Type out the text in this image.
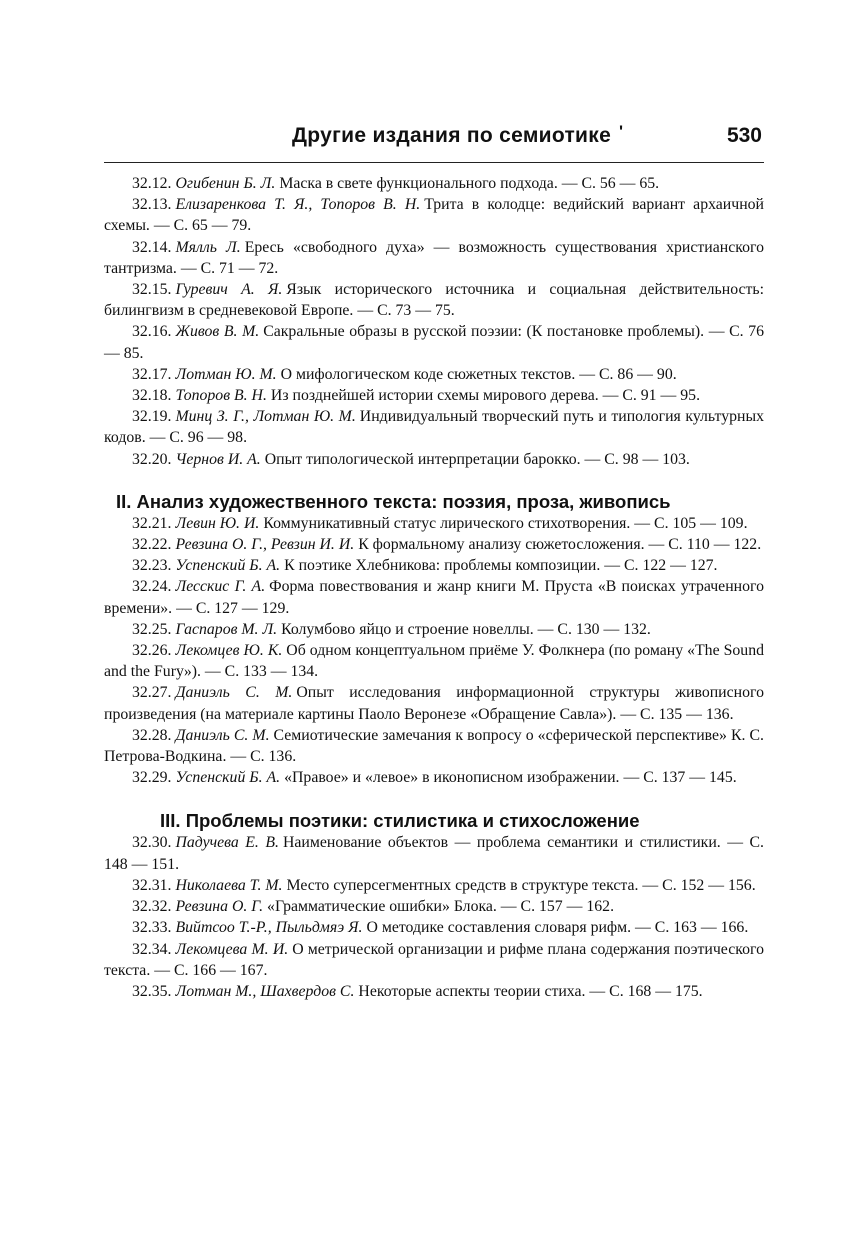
Другие издания по семиотике '	530

32.12. Огибенин Б. Л. Маска в свете функционального подхода. — С. 56 — 65.

32.13. Елизаренкова Т. Я., Топоров В. Н. Трита в колодце: ведийский вариант архаичной схемы. — С. 65 — 79.

32.14. Мялль Л. Ересь «свободного духа» — возможность существования христианского тантризма. — С. 71 — 72.

32.15. Гуревич А. Я. Язык исторического источника и социальная действительность: билингвизм в средневековой Европе. — С. 73 — 75.

32.16. Живов В. М. Сакральные образы в русской поэзии: (К постановке проблемы). — С. 76 — 85.

32.17. Лотман Ю. М. О мифологическом коде сюжетных текстов. — С. 86 — 90.

32.18. Топоров В. Н. Из позднейшей истории схемы мирового дерева. — С. 91 — 95.

32.19. Минц З. Г., Лотман Ю. М. Индивидуальный творческий путь и типология культурных кодов. — С. 96 — 98.

32.20. Чернов И. А. Опыт типологической интерпретации барокко. — С. 98 — 103.

II. Анализ художественного текста: поэзия, проза, живопись

32.21. Левин Ю. И. Коммуникативный статус лирического стихотворения. — С. 105 — 109.

32.22. Ревзина О. Г., Ревзин И. И. К формальному анализу сюжетосложения. — С. 110 — 122.

32.23. Успенский Б. А. К поэтике Хлебникова: проблемы композиции. — С. 122 — 127.

32.24. Лесскис Г. А. Форма повествования и жанр книги М. Пруста «В поисках утраченного времени». — С. 127 — 129.

32.25. Гаспаров М. Л. Колумбово яйцо и строение новеллы. — С. 130 — 132.

32.26. Лекомцев Ю. К. Об одном концептуальном приёме У. Фолкнера (по роману «The Sound and the Fury»). — С. 133 — 134.

32.27. Даниэль С. М. Опыт исследования информационной структуры живописного произведения (на материале картины Паоло Веронезе «Обращение Савла»). — С. 135 — 136.

32.28. Даниэль С. М. Семиотические замечания к вопросу о «сферической перспективе» К. С. Петрова-Водкина. — С. 136.

32.29. Успенский Б. А. «Правое» и «левое» в иконописном изображении. — С. 137 — 145.

III. Проблемы поэтики: стилистика и стихосложение

32.30. Падучева Е. В. Наименование объектов — проблема семантики и стилистики. — С. 148 — 151.

32.31. Николаева Т. М. Место суперсегментных средств в структуре текста. — С. 152 — 156.

32.32. Ревзина О. Г. «Грамматические ошибки» Блока. — С. 157 — 162.

32.33. Вийтсоо Т.-Р., Пыльдмяэ Я. О методике составления словаря рифм. — С. 163 — 166.

32.34. Лекомцева М. И. О метрической организации и рифме плана содержания поэтического текста. — С. 166 — 167.

32.35. Лотман М., Шахвердов С. Некоторые аспекты теории стиха. — С. 168 — 175.
